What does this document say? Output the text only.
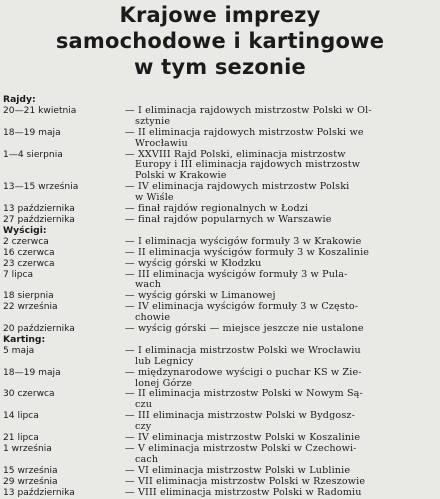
Krajowe imprezy
samochodowe i kartingowe
w tym sezonie
Rajdy:
20—21 kwietnia	— I eliminacja rajdowych mistrzostw Polski w Ol-
sztynie
18—19 maja	— II eliminacja rajdowych mistrzostw Polski we
Wrocławiu
1—4 sierpnia	— XXVIII Rajd Polski, eliminacja mistrzostw
Europy i III eliminacja rajdowych mistrzostw
Polski w Krakowie
13—15 września	— IV eliminacja rajdowych mistrzostw Polski
w Wiśle
13 października	— finał rajdów regionalnych w Łodzi
27 października	— finał rajdów popularnych w Warszawie
Wyścigi:
2 czerwca	— I eliminacja wyścigów formuły 3 w Krakowie
16 czerwca	— II eliminacja wyścigów formuły 3 w Koszalinie
23 czerwca	— wyścig górski w Kłodzku
7 lipca	— III eliminacja wyścigów formuły 3 w Pula-
wach
18 sierpnia	— wyścig górski w Limanowej
22 września	— IV eliminacja wyścigów formuły 3 w Często-
chowie
20 października	— wyścig górski — miejsce jeszcze nie ustalone
Karting:
5 maja	— I eliminacja mistrzostw Polski we Wrocławiu
lub Legnicy
18—19 maja	— międzynarodowe wyścigi o puchar KS w Zie-
lonej Górze
30 czerwca	— II eliminacja mistrzostw Polski w Nowym Są-
czu
14 lipca	— III eliminacja mistrzostw Polski w Bydgosz-
czy
21 lipca	— IV eliminacja mistrzostw Polski w Koszalinie
1 września	— V eliminacja mistrzostw Polski w Czechowi-
cach
15 września	— VI eliminacja mistrzostw Polski w Lublinie
29 września	— VII eliminacja mistrzostw Polski w Rzeszowie
13 października	— VIII eliminacja mistrzostw Polski w Radomiu
